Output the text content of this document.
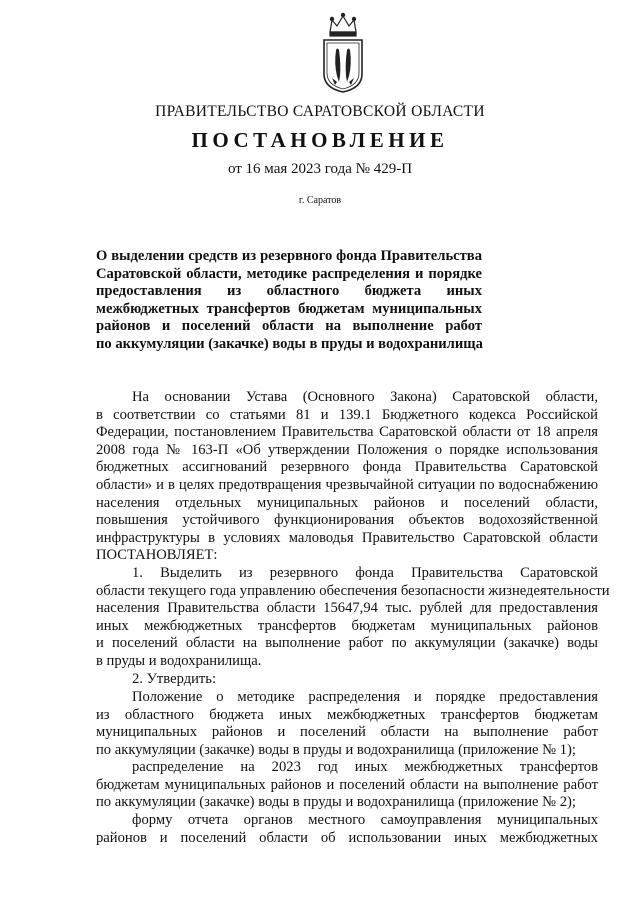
ПРАВИТЕЛЬСТВО САРАТОВСКОЙ ОБЛАСТИ
ПОСТАНОВЛЕНИЕ
от 16 мая 2023 года № 429-П
г. Саратов
О выделении средств из резервного фонда Правительства
Саратовской области, методике распределения и порядке
предоставления из областного бюджета иных
межбюджетных трансфертов бюджетам муниципальных
районов и поселений области на выполнение работ
по аккумуляции (закачке) воды в пруды и водохранилища
На основании Устава (Основного Закона) Саратовской области,
в соответствии со статьями 81 и 139.1 Бюджетного кодекса Российской
Федерации, постановлением Правительства Саратовской области от 18 апреля
2008 года № 163-П «Об утверждении Положения о порядке использования
бюджетных ассигнований резервного фонда Правительства Саратовской
области» и в целях предотвращения чрезвычайной ситуации по водоснабжению
населения отдельных муниципальных районов и поселений области,
повышения устойчивого функционирования объектов водохозяйственной
инфраструктуры в условиях маловодья Правительство Саратовской области
ПОСТАНОВЛЯЕТ:
1. Выделить из резервного фонда Правительства Саратовской
области текущего года управлению обеспечения безопасности жизнедеятельности
населения Правительства области 15647,94 тыс. рублей для предоставления
иных межбюджетных трансфертов бюджетам муниципальных районов
и поселений области на выполнение работ по аккумуляции (закачке) воды
в пруды и водохранилища.
2. Утвердить:
Положение о методике распределения и порядке предоставления
из областного бюджета иных межбюджетных трансфертов бюджетам
муниципальных районов и поселений области на выполнение работ
по аккумуляции (закачке) воды в пруды и водохранилища (приложение № 1);
распределение на 2023 год иных межбюджетных трансфертов
бюджетам муниципальных районов и поселений области на выполнение работ
по аккумуляции (закачке) воды в пруды и водохранилища (приложение № 2);
форму отчета органов местного самоуправления муниципальных
районов и поселений области об использовании иных межбюджетных
